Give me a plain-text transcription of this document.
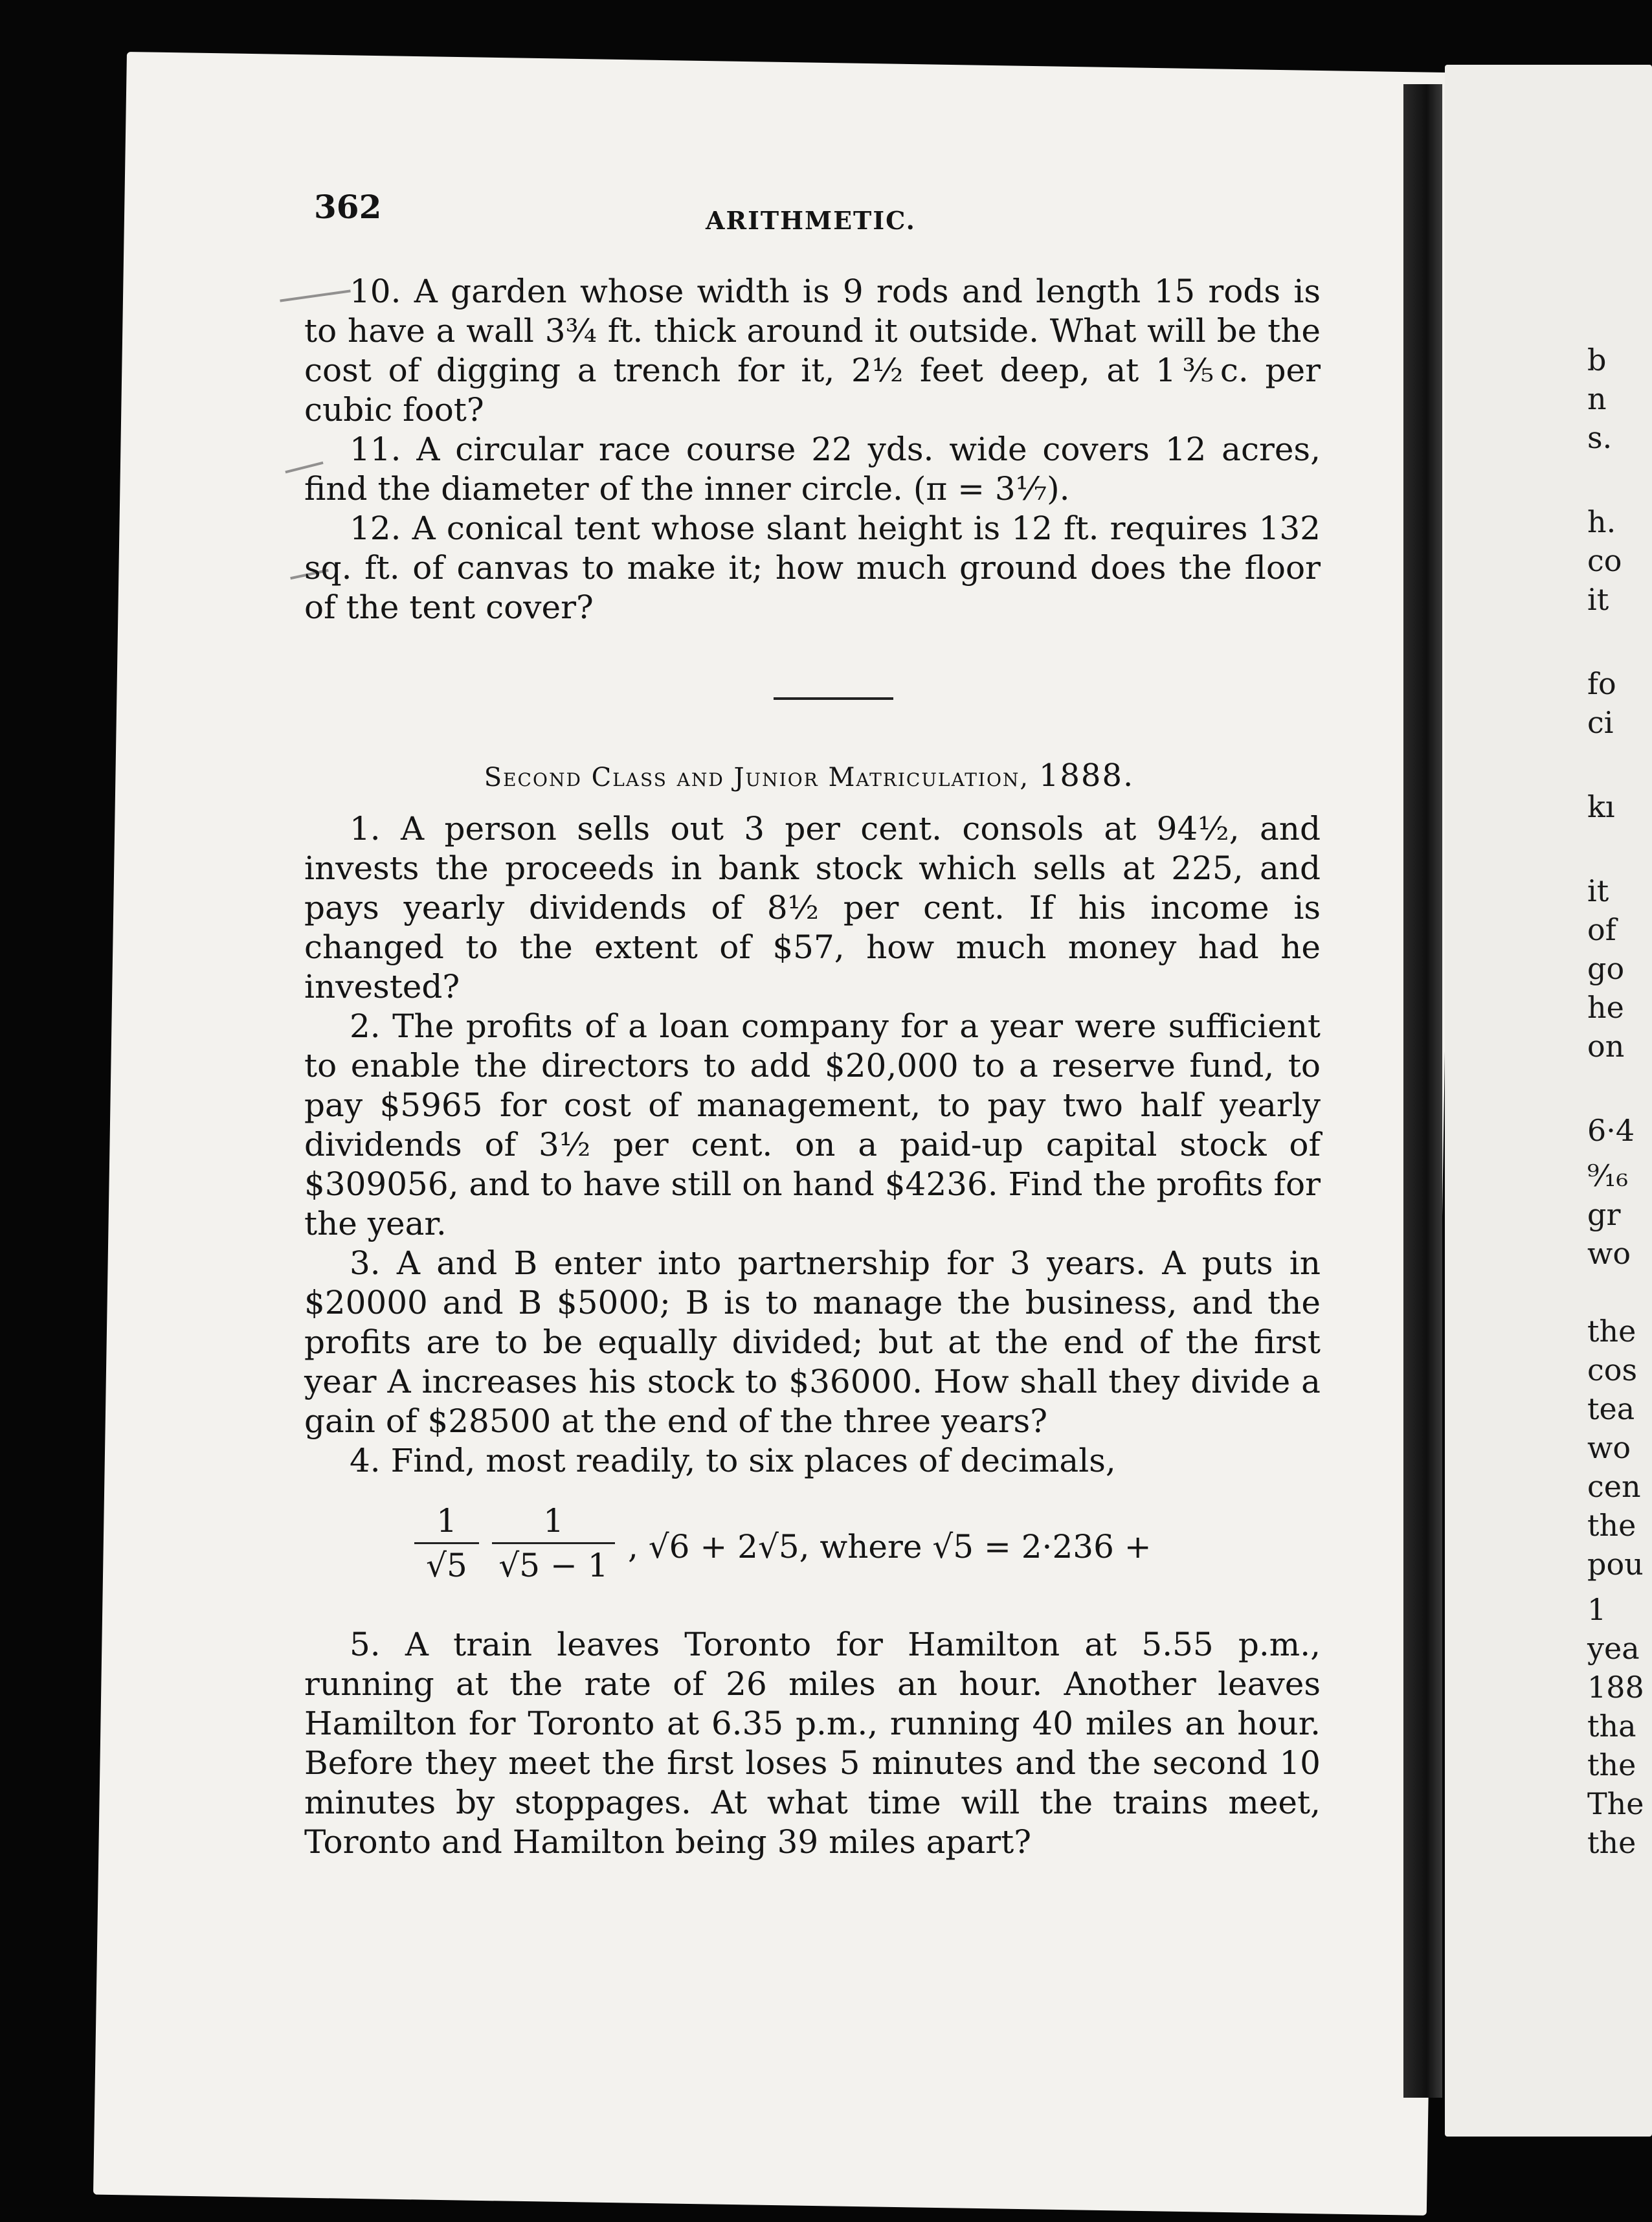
362	ARITHMETIC.

10. A garden whose width is 9 rods and length 15 rods is to have a wall 3¾ ft. thick around it outside. What will be the cost of digging a trench for it, 2½ feet deep, at 1⅗c. per cubic foot?

11. A circular race course 22 yds. wide covers 12 acres, find the diameter of the inner circle. (π = 3¹⁄₇).

12. A conical tent whose slant height is 12 ft. requires 132 sq. ft. of canvas to make it; how much ground does the floor of the tent cover?

Second Class and Junior Matriculation, 1888.

1. A person sells out 3 per cent. consols at 94½, and invests the proceeds in bank stock which sells at 225, and pays yearly dividends of 8½ per cent. If his income is changed to the extent of $57, how much money had he invested?

2. The profits of a loan company for a year were sufficient to enable the directors to add $20,000 to a reserve fund, to pay $5965 for cost of management, to pay two half yearly dividends of 3½ per cent. on a paid-up capital stock of $309056, and to have still on hand $4236. Find the profits for the year.

3. A and B enter into partnership for 3 years. A puts in $20000 and B $5000; B is to manage the business, and the profits are to be equally divided; but at the end of the first year A increases his stock to $36000. How shall they divide a gain of $28500 at the end of the three years?

4. Find, most readily, to six places of decimals,

1
√5
1
√5 − 1 , √6 + 2√5, where √5 = 2·236 +

5. A train leaves Toronto for Hamilton at 5.55 p.m., running at the rate of 26 miles an hour. Another leaves Hamilton for Toronto at 6.35 p.m., running 40 miles an hour. Before they meet the first loses 5 minutes and the second 10 minutes by stoppages. At what time will the trains meet, Toronto and Hamilton being 39 miles apart?

b
n
s.
h.
co
it
fo
ci
kı
it
of
go
he
on
6·4
⁹⁄₁₆
gr
wo
the
cos
tea
wo
cen
the
pou
1
yea
188
tha
the
The
the
